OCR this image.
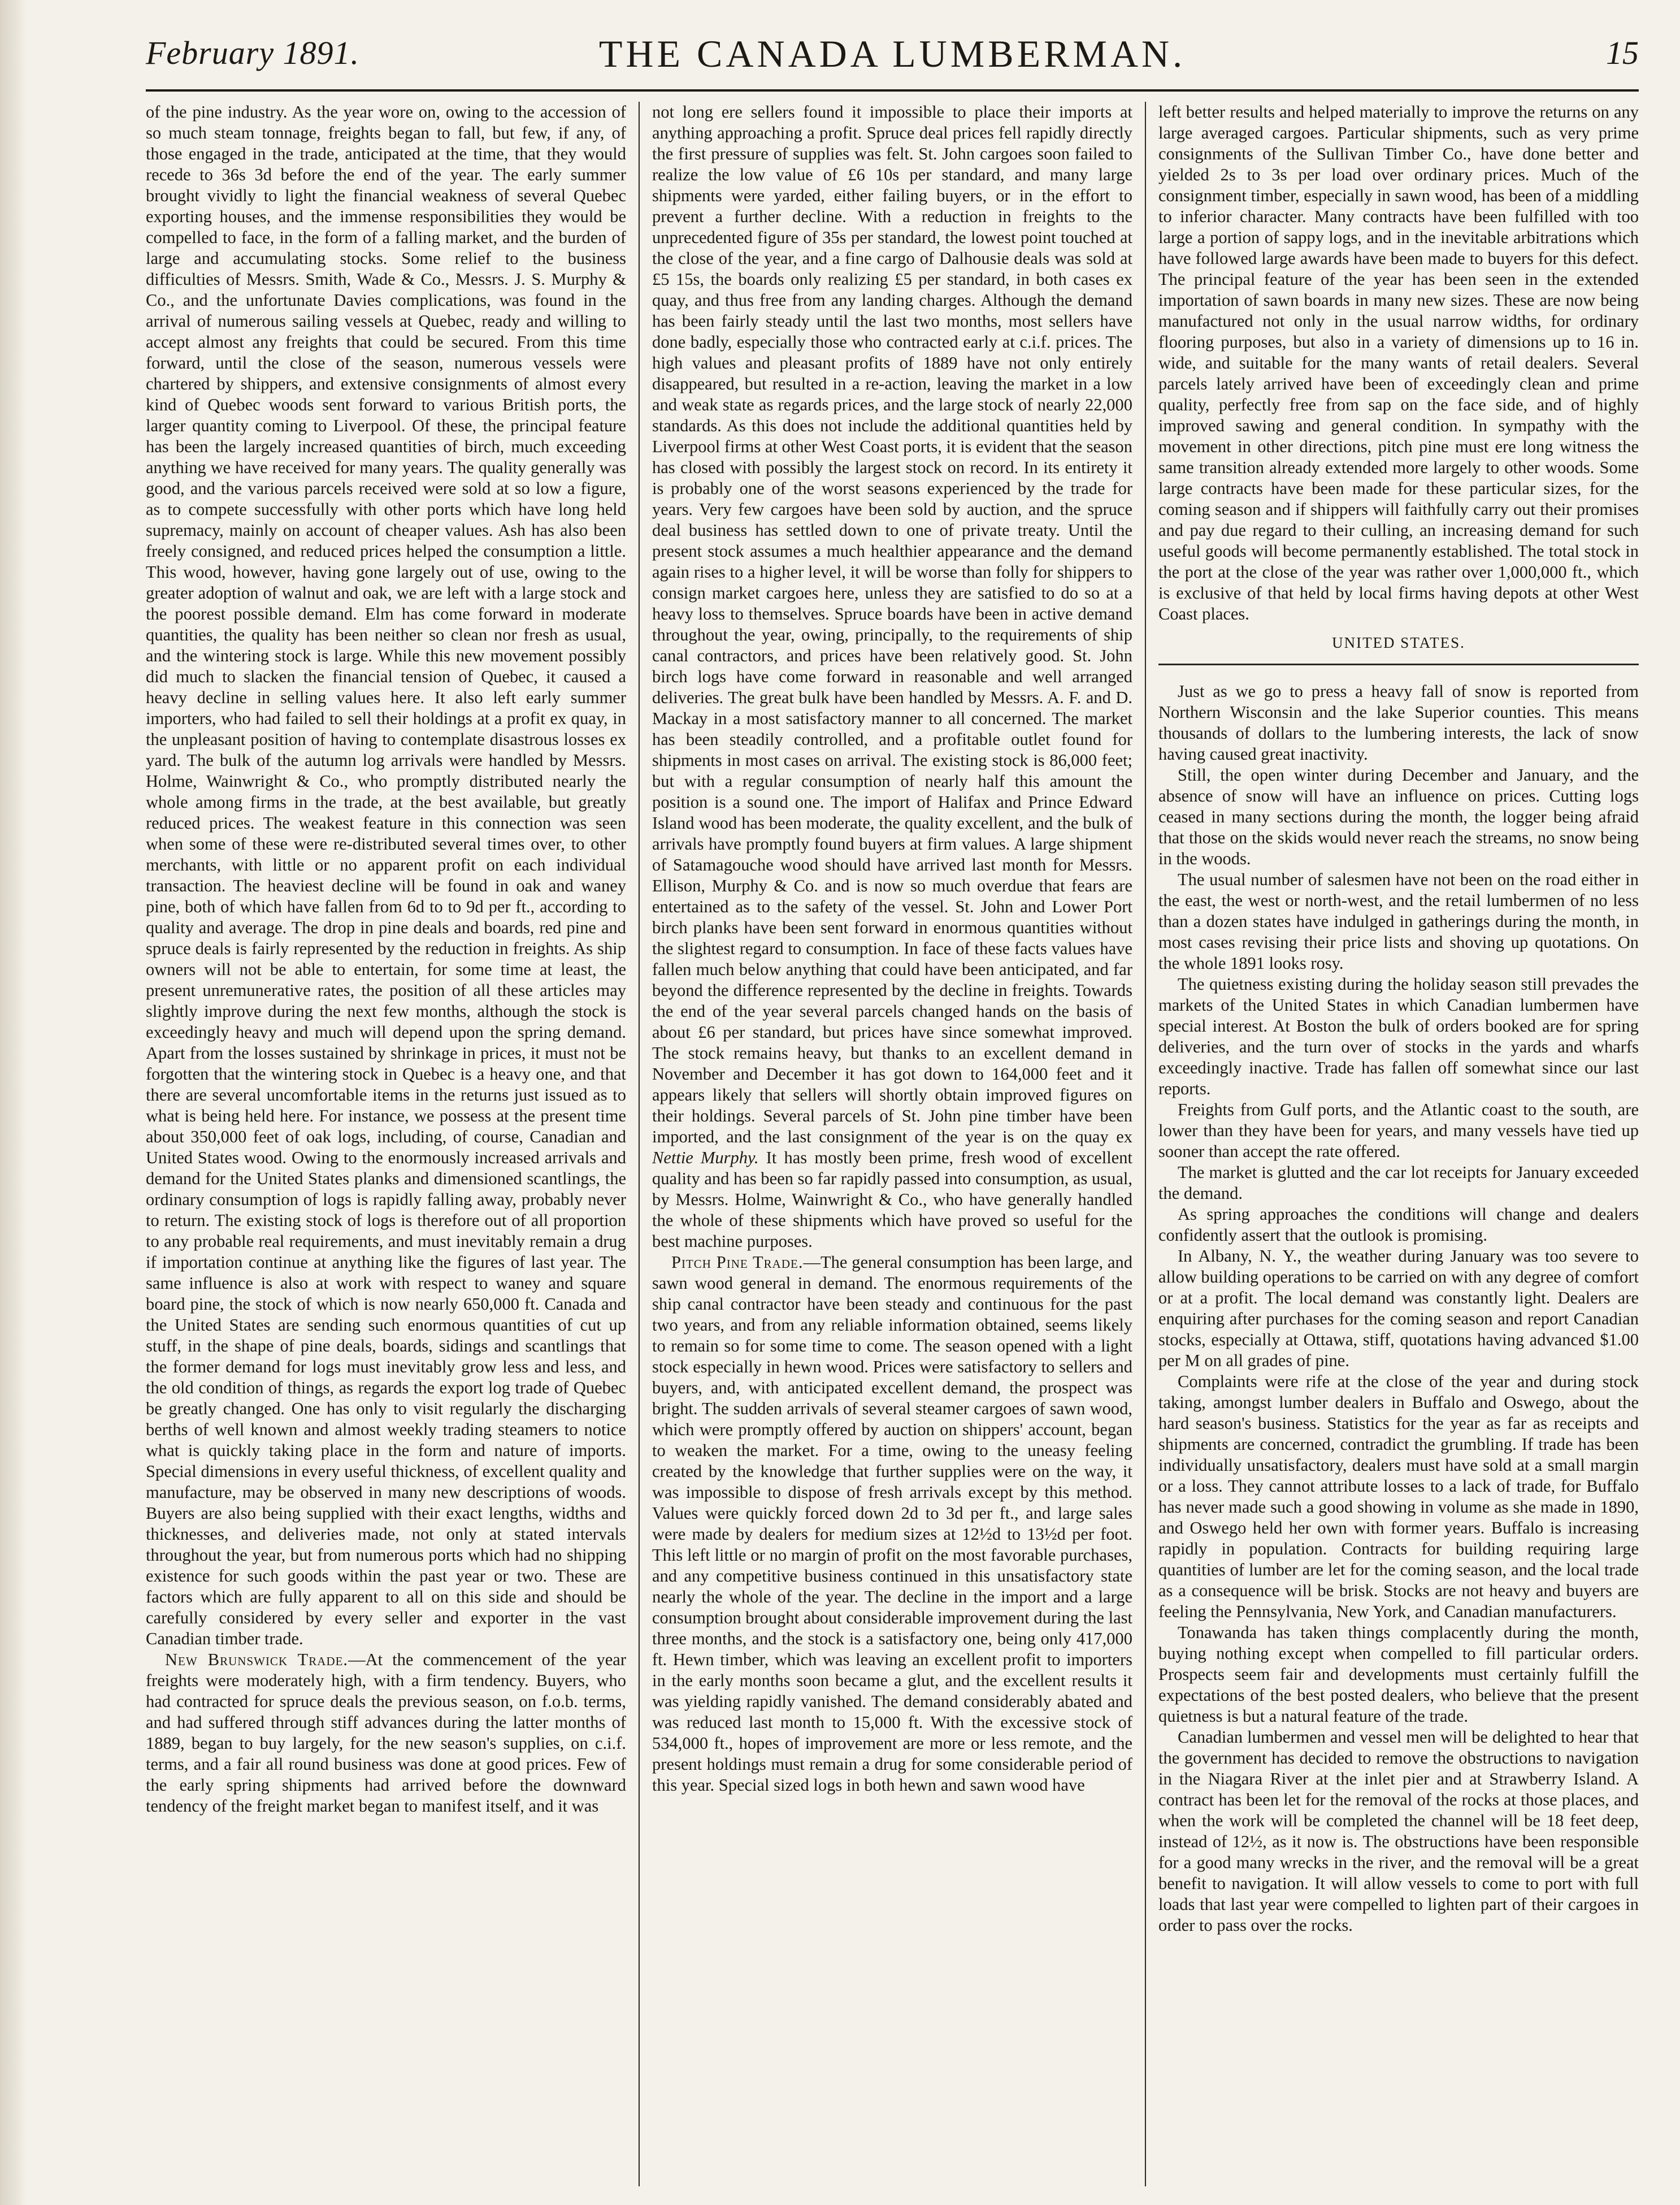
February 1891.	THE CANADA LUMBERMAN.	15

of the pine industry. As the year wore on, owing to the accession of so much steam tonnage, freights began to fall, but few, if any, of those engaged in the trade, anticipated at the time, that they would recede to 36s 3d before the end of the year. The early summer brought vividly to light the financial weakness of several Quebec exporting houses, and the immense responsibilities they would be compelled to face, in the form of a falling market, and the burden of large and accumulating stocks. Some relief to the business difficulties of Messrs. Smith, Wade & Co., Messrs. J. S. Murphy & Co., and the unfortunate Davies complications, was found in the arrival of numerous sailing vessels at Quebec, ready and willing to accept almost any freights that could be secured. From this time forward, until the close of the season, numerous vessels were chartered by shippers, and extensive consignments of almost every kind of Quebec woods sent forward to various British ports, the larger quantity coming to Liverpool. Of these, the principal feature has been the largely increased quantities of birch, much exceeding anything we have received for many years. The quality generally was good, and the various parcels received were sold at so low a figure, as to compete successfully with other ports which have long held supremacy, mainly on account of cheaper values. Ash has also been freely consigned, and reduced prices helped the consumption a little. This wood, however, having gone largely out of use, owing to the greater adoption of walnut and oak, we are left with a large stock and the poorest possible demand. Elm has come forward in moderate quantities, the quality has been neither so clean nor fresh as usual, and the wintering stock is large. While this new movement possibly did much to slacken the financial tension of Quebec, it caused a heavy decline in selling values here. It also left early summer importers, who had failed to sell their holdings at a profit ex quay, in the unpleasant position of having to contemplate disastrous losses ex yard. The bulk of the autumn log arrivals were handled by Messrs. Holme, Wainwright & Co., who promptly distributed nearly the whole among firms in the trade, at the best available, but greatly reduced prices. The weakest feature in this connection was seen when some of these were re-distributed several times over, to other merchants, with little or no apparent profit on each individual transaction. The heaviest decline will be found in oak and waney pine, both of which have fallen from 6d to to 9d per ft., according to quality and average. The drop in pine deals and boards, red pine and spruce deals is fairly represented by the reduction in freights. As ship owners will not be able to entertain, for some time at least, the present unremunerative rates, the position of all these articles may slightly improve during the next few months, although the stock is exceedingly heavy and much will depend upon the spring demand. Apart from the losses sustained by shrinkage in prices, it must not be forgotten that the wintering stock in Quebec is a heavy one, and that there are several uncomfortable items in the returns just issued as to what is being held here. For instance, we possess at the present time about 350,000 feet of oak logs, including, of course, Canadian and United States wood. Owing to the enormously increased arrivals and demand for the United States planks and dimensioned scantlings, the ordinary consumption of logs is rapidly falling away, probably never to return. The existing stock of logs is therefore out of all proportion to any probable real requirements, and must inevitably remain a drug if importation continue at anything like the figures of last year. The same influence is also at work with respect to waney and square board pine, the stock of which is now nearly 650,000 ft. Canada and the United States are sending such enormous quantities of cut up stuff, in the shape of pine deals, boards, sidings and scantlings that the former demand for logs must inevitably grow less and less, and the old condition of things, as regards the export log trade of Quebec be greatly changed. One has only to visit regularly the discharging berths of well known and almost weekly trading steamers to notice what is quickly taking place in the form and nature of imports. Special dimensions in every useful thickness, of excellent quality and manufacture, may be observed in many new descriptions of woods. Buyers are also being supplied with their exact lengths, widths and thicknesses, and deliveries made, not only at stated intervals throughout the year, but from numerous ports which had no shipping existence for such goods within the past year or two. These are factors which are fully apparent to all on this side and should be carefully considered by every seller and exporter in the vast Canadian timber trade.

New Brunswick Trade.—At the commencement of the year freights were moderately high, with a firm tendency. Buyers, who had contracted for spruce deals the previous season, on f.o.b. terms, and had suffered through stiff advances during the latter months of 1889, began to buy largely, for the new season's supplies, on c.i.f. terms, and a fair all round business was done at good prices. Few of the early spring shipments had arrived before the downward tendency of the freight market began to manifest itself, and it was

not long ere sellers found it impossible to place their imports at anything approaching a profit. Spruce deal prices fell rapidly directly the first pressure of supplies was felt. St. John cargoes soon failed to realize the low value of £6 10s per standard, and many large shipments were yarded, either failing buyers, or in the effort to prevent a further decline. With a reduction in freights to the unprecedented figure of 35s per standard, the lowest point touched at the close of the year, and a fine cargo of Dalhousie deals was sold at £5 15s, the boards only realizing £5 per standard, in both cases ex quay, and thus free from any landing charges. Although the demand has been fairly steady until the last two months, most sellers have done badly, especially those who contracted early at c.i.f. prices. The high values and pleasant profits of 1889 have not only entirely disappeared, but resulted in a re-action, leaving the market in a low and weak state as regards prices, and the large stock of nearly 22,000 standards. As this does not include the additional quantities held by Liverpool firms at other West Coast ports, it is evident that the season has closed with possibly the largest stock on record. In its entirety it is probably one of the worst seasons experienced by the trade for years. Very few cargoes have been sold by auction, and the spruce deal business has settled down to one of private treaty. Until the present stock assumes a much healthier appearance and the demand again rises to a higher level, it will be worse than folly for shippers to consign market cargoes here, unless they are satisfied to do so at a heavy loss to themselves. Spruce boards have been in active demand throughout the year, owing, principally, to the requirements of ship canal contractors, and prices have been relatively good. St. John birch logs have come forward in reasonable and well arranged deliveries. The great bulk have been handled by Messrs. A. F. and D. Mackay in a most satisfactory manner to all concerned. The market has been steadily controlled, and a profitable outlet found for shipments in most cases on arrival. The existing stock is 86,000 feet; but with a regular consumption of nearly half this amount the position is a sound one. The import of Halifax and Prince Edward Island wood has been moderate, the quality excellent, and the bulk of arrivals have promptly found buyers at firm values. A large shipment of Satamagouche wood should have arrived last month for Messrs. Ellison, Murphy & Co. and is now so much overdue that fears are entertained as to the safety of the vessel. St. John and Lower Port birch planks have been sent forward in enormous quantities without the slightest regard to consumption. In face of these facts values have fallen much below anything that could have been anticipated, and far beyond the difference represented by the decline in freights. Towards the end of the year several parcels changed hands on the basis of about £6 per standard, but prices have since somewhat improved. The stock remains heavy, but thanks to an excellent demand in November and December it has got down to 164,000 feet and it appears likely that sellers will shortly obtain improved figures on their holdings. Several parcels of St. John pine timber have been imported, and the last consignment of the year is on the quay ex Nettie Murphy. It has mostly been prime, fresh wood of excellent quality and has been so far rapidly passed into consumption, as usual, by Messrs. Holme, Wainwright & Co., who have generally handled the whole of these shipments which have proved so useful for the best machine purposes.

Pitch Pine Trade.—The general consumption has been large, and sawn wood general in demand. The enormous requirements of the ship canal contractor have been steady and continuous for the past two years, and from any reliable information obtained, seems likely to remain so for some time to come. The season opened with a light stock especially in hewn wood. Prices were satisfactory to sellers and buyers, and, with anticipated excellent demand, the prospect was bright. The sudden arrivals of several steamer cargoes of sawn wood, which were promptly offered by auction on shippers' account, began to weaken the market. For a time, owing to the uneasy feeling created by the knowledge that further supplies were on the way, it was impossible to dispose of fresh arrivals except by this method. Values were quickly forced down 2d to 3d per ft., and large sales were made by dealers for medium sizes at 12½d to 13½d per foot. This left little or no margin of profit on the most favorable purchases, and any competitive business continued in this unsatisfactory state nearly the whole of the year. The decline in the import and a large consumption brought about considerable improvement during the last three months, and the stock is a satisfactory one, being only 417,000 ft. Hewn timber, which was leaving an excellent profit to importers in the early months soon became a glut, and the excellent results it was yielding rapidly vanished. The demand considerably abated and was reduced last month to 15,000 ft. With the excessive stock of 534,000 ft., hopes of improvement are more or less remote, and the present holdings must remain a drug for some considerable period of this year. Special sized logs in both hewn and sawn wood have

left better results and helped materially to improve the returns on any large averaged cargoes. Particular shipments, such as very prime consignments of the Sullivan Timber Co., have done better and yielded 2s to 3s per load over ordinary prices. Much of the consignment timber, especially in sawn wood, has been of a middling to inferior character. Many contracts have been fulfilled with too large a portion of sappy logs, and in the inevitable arbitrations which have followed large awards have been made to buyers for this defect. The principal feature of the year has been seen in the extended importation of sawn boards in many new sizes. These are now being manufactured not only in the usual narrow widths, for ordinary flooring purposes, but also in a variety of dimensions up to 16 in. wide, and suitable for the many wants of retail dealers. Several parcels lately arrived have been of exceedingly clean and prime quality, perfectly free from sap on the face side, and of highly improved sawing and general condition. In sympathy with the movement in other directions, pitch pine must ere long witness the same transition already extended more largely to other woods. Some large contracts have been made for these particular sizes, for the coming season and if shippers will faithfully carry out their promises and pay due regard to their culling, an increasing demand for such useful goods will become permanently established. The total stock in the port at the close of the year was rather over 1,000,000 ft., which is exclusive of that held by local firms having depots at other West Coast places.

UNITED STATES.

Just as we go to press a heavy fall of snow is reported from Northern Wisconsin and the lake Superior counties. This means thousands of dollars to the lumbering interests, the lack of snow having caused great inactivity.

Still, the open winter during December and January, and the absence of snow will have an influence on prices. Cutting logs ceased in many sections during the month, the logger being afraid that those on the skids would never reach the streams, no snow being in the woods.

The usual number of salesmen have not been on the road either in the east, the west or north-west, and the retail lumbermen of no less than a dozen states have indulged in gatherings during the month, in most cases revising their price lists and shoving up quotations. On the whole 1891 looks rosy.

The quietness existing during the holiday season still prevades the markets of the United States in which Canadian lumbermen have special interest. At Boston the bulk of orders booked are for spring deliveries, and the turn over of stocks in the yards and wharfs exceedingly inactive. Trade has fallen off somewhat since our last reports.

Freights from Gulf ports, and the Atlantic coast to the south, are lower than they have been for years, and many vessels have tied up sooner than accept the rate offered.

The market is glutted and the car lot receipts for January exceeded the demand.

As spring approaches the conditions will change and dealers confidently assert that the outlook is promising.

In Albany, N. Y., the weather during January was too severe to allow building operations to be carried on with any degree of comfort or at a profit. The local demand was constantly light. Dealers are enquiring after purchases for the coming season and report Canadian stocks, especially at Ottawa, stiff, quotations having advanced $1.00 per M on all grades of pine.

Complaints were rife at the close of the year and during stock taking, amongst lumber dealers in Buffalo and Oswego, about the hard season's business. Statistics for the year as far as receipts and shipments are concerned, contradict the grumbling. If trade has been individually unsatisfactory, dealers must have sold at a small margin or a loss. They cannot attribute losses to a lack of trade, for Buffalo has never made such a good showing in volume as she made in 1890, and Oswego held her own with former years. Buffalo is increasing rapidly in population. Contracts for building requiring large quantities of lumber are let for the coming season, and the local trade as a consequence will be brisk. Stocks are not heavy and buyers are feeling the Pennsylvania, New York, and Canadian manufacturers.

Tonawanda has taken things complacently during the month, buying nothing except when compelled to fill particular orders. Prospects seem fair and developments must certainly fulfill the expectations of the best posted dealers, who believe that the present quietness is but a natural feature of the trade.

Canadian lumbermen and vessel men will be delighted to hear that the government has decided to remove the obstructions to navigation in the Niagara River at the inlet pier and at Strawberry Island. A contract has been let for the removal of the rocks at those places, and when the work will be completed the channel will be 18 feet deep, instead of 12½, as it now is. The obstructions have been responsible for a good many wrecks in the river, and the removal will be a great benefit to navigation. It will allow vessels to come to port with full loads that last year were compelled to lighten part of their cargoes in order to pass over the rocks.
